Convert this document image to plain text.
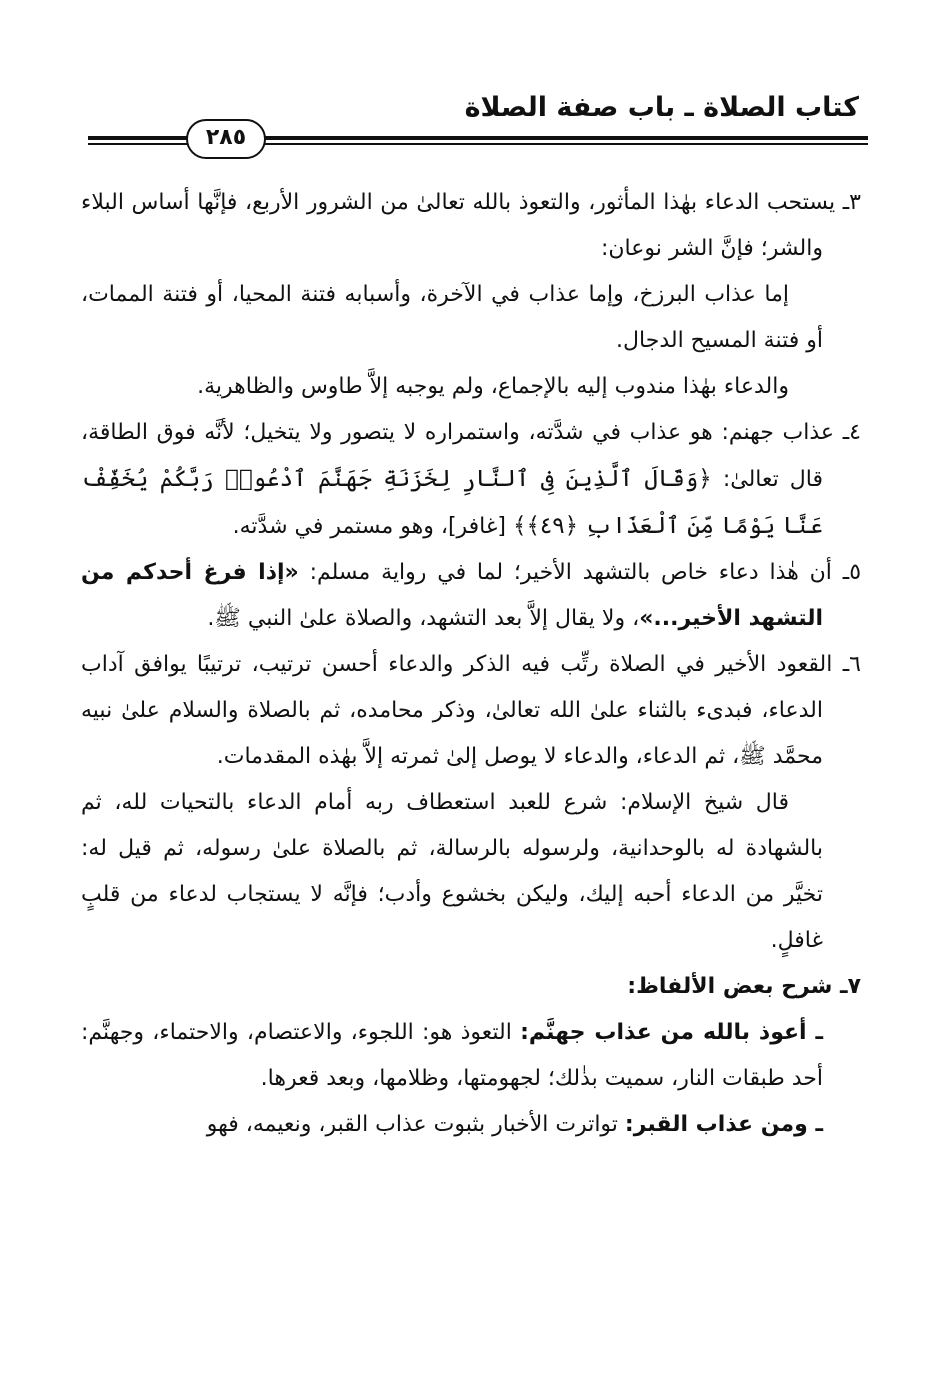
كتاب الصلاة ـ باب صفة الصلاة
٢٨٥

٣ـ يستحب الدعاء بهٰذا المأثور، والتعوذ بالله تعالىٰ من الشرور الأربع، فإنَّها أساس البلاء والشر؛ فإنَّ الشر نوعان:

إما عذاب البرزخ، وإما عذاب في الآخرة، وأسبابه فتنة المحيا، أو فتنة الممات، أو فتنة المسيح الدجال.

والدعاء بهٰذا مندوب إليه بالإجماع، ولم يوجبه إلاَّ طاوس والظاهرية.

٤ـ عذاب جهنم: هو عذاب في شدَّته، واستمراره لا يتصور ولا يتخيل؛ لأنَّه فوق الطاقة، قال تعالىٰ: ﴿وَقَالَ ٱلَّذِينَ فِى ٱلنَّارِ لِخَزَنَةِ جَهَنَّمَ ٱدْعُوا۟ رَبَّكُمْ يُخَفِّفْ عَنَّا يَوْمًا مِّنَ ٱلْعَذَابِ ﴿٤٩﴾﴾ [غافر]، وهو مستمر في شدَّته.

٥ـ أن هٰذا دعاء خاص بالتشهد الأخير؛ لما في رواية مسلم: «إذا فرغ أحدكم من التشهد الأخير...»، ولا يقال إلاَّ بعد التشهد، والصلاة علىٰ النبي ﷺ.

٦ـ القعود الأخير في الصلاة رتِّب فيه الذكر والدعاء أحسن ترتيب، ترتيبًا يوافق آداب الدعاء، فبدىء بالثناء علىٰ الله تعالىٰ، وذكر محامده، ثم بالصلاة والسلام علىٰ نبيه محمَّد ﷺ، ثم الدعاء، والدعاء لا يوصل إلىٰ ثمرته إلاَّ بهٰذه المقدمات.

قال شيخ الإسلام: شرع للعبد استعطاف ربه أمام الدعاء بالتحيات لله، ثم بالشهادة له بالوحدانية، ولرسوله بالرسالة، ثم بالصلاة علىٰ رسوله، ثم قيل له: تخيَّر من الدعاء أحبه إليك، وليكن بخشوع وأدب؛ فإنَّه لا يستجاب لدعاء من قلبٍ غافلٍ.

٧ـ شرح بعض الألفاظ:

ـ أعوذ بالله من عذاب جهنَّم: التعوذ هو: اللجوء، والاعتصام، والاحتماء، وجهنَّم: أحد طبقات النار، سميت بذٰلك؛ لجهومتها، وظلامها، وبعد قعرها.

ـ ومن عذاب القبر: تواترت الأخبار بثبوت عذاب القبر، ونعيمه، فهو
